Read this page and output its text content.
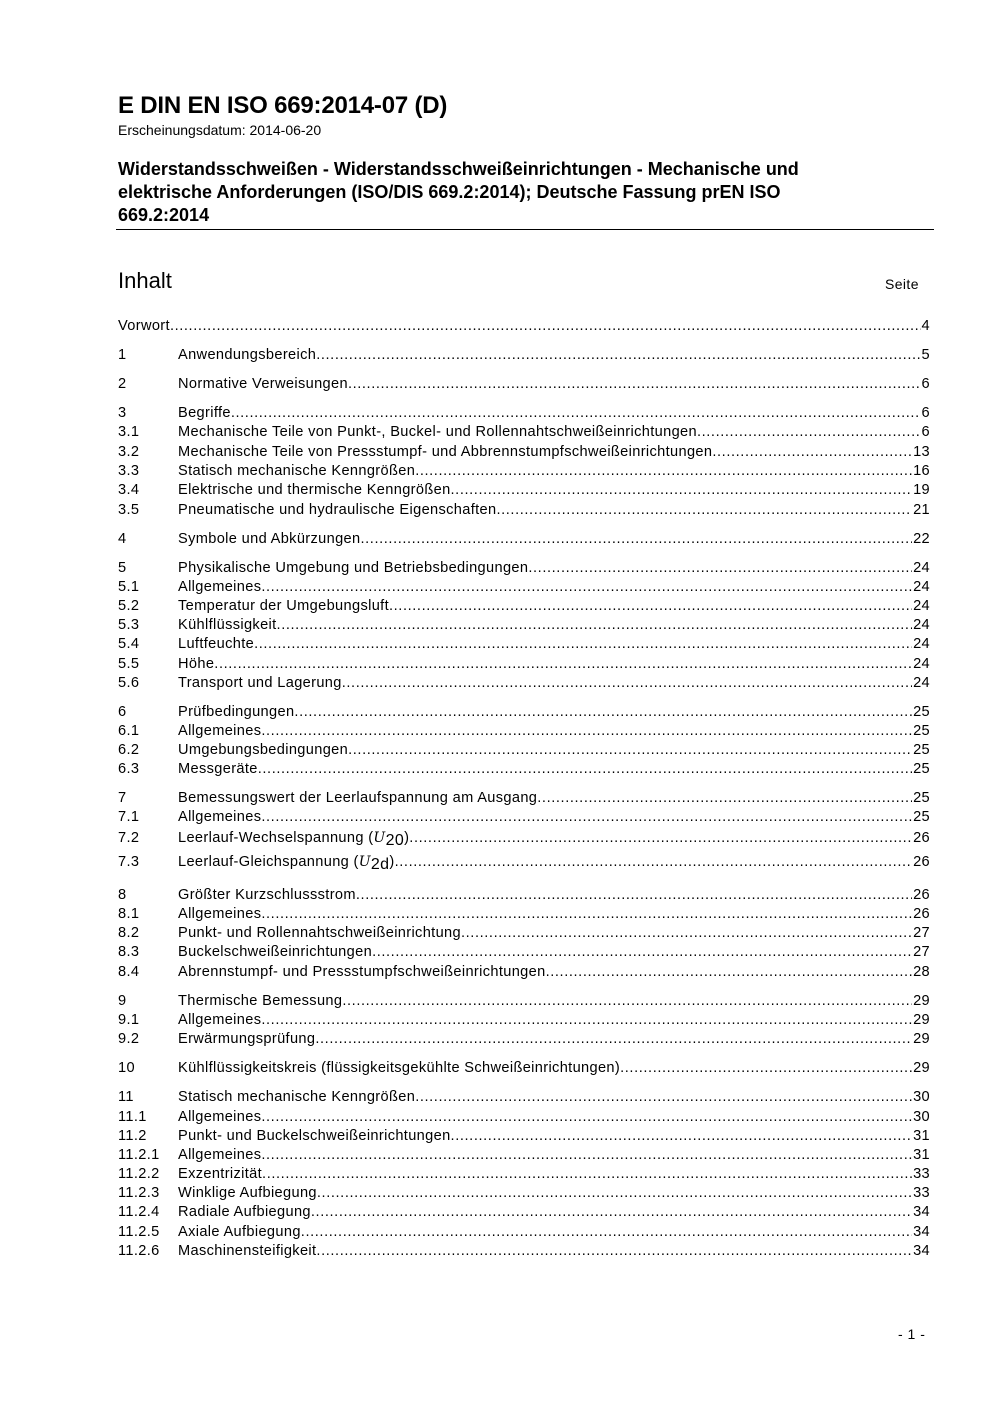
E DIN EN ISO 669:2014-07 (D)
Erscheinungsdatum: 2014-06-20
Widerstandsschweißen - Widerstandsschweißeinrichtungen - Mechanische und
elektrische Anforderungen (ISO/DIS 669.2:2014); Deutsche Fassung prEN ISO
669.2:2014
Inhalt	Seite
Vorwort .....	4
1	Anwendungsbereich .....	5
2	Normative Verweisungen .....	6
3	Begriffe .....	6
3.1	Mechanische Teile von Punkt-, Buckel- und Rollennahtschweißeinrichtungen .....	6
3.2	Mechanische Teile von Pressstumpf- und Abbrennstumpfschweißeinrichtungen .....	13
3.3	Statisch mechanische Kenngrößen .....	16
3.4	Elektrische und thermische Kenngrößen .....	19
3.5	Pneumatische und hydraulische Eigenschaften .....	21
4	Symbole und Abkürzungen .....	22
5	Physikalische Umgebung und Betriebsbedingungen .....	24
5.1	Allgemeines .....	24
5.2	Temperatur der Umgebungsluft .....	24
5.3	Kühlflüssigkeit .....	24
5.4	Luftfeuchte .....	24
5.5	Höhe .....	24
5.6	Transport und Lagerung .....	24
6	Prüfbedingungen .....	25
6.1	Allgemeines .....	25
6.2	Umgebungsbedingungen .....	25
6.3	Messgeräte .....	25
7	Bemessungswert der Leerlaufspannung am Ausgang .....	25
7.1	Allgemeines .....	25
7.2	Leerlauf-Wechselspannung (U20) .....	26
7.3	Leerlauf-Gleichspannung (U2d) .....	26
8	Größter Kurzschlussstrom .....	26
8.1	Allgemeines .....	26
8.2	Punkt- und Rollennahtschweißeinrichtung .....	27
8.3	Buckelschweißeinrichtungen .....	27
8.4	Abrennstumpf- und Pressstumpfschweißeinrichtungen .....	28
9	Thermische Bemessung .....	29
9.1	Allgemeines .....	29
9.2	Erwärmungsprüfung .....	29
10	Kühlflüssigkeitskreis (flüssigkeitsgekühlte Schweißeinrichtungen) .....	29
11	Statisch mechanische Kenngrößen .....	30
11.1	Allgemeines .....	30
11.2	Punkt- und Buckelschweißeinrichtungen .....	31
11.2.1	Allgemeines .....	31
11.2.2	Exzentrizität .....	33
11.2.3	Winklige Aufbiegung .....	33
11.2.4	Radiale Aufbiegung .....	34
11.2.5	Axiale Aufbiegung .....	34
11.2.6	Maschinensteifigkeit .....	34
- 1 -
